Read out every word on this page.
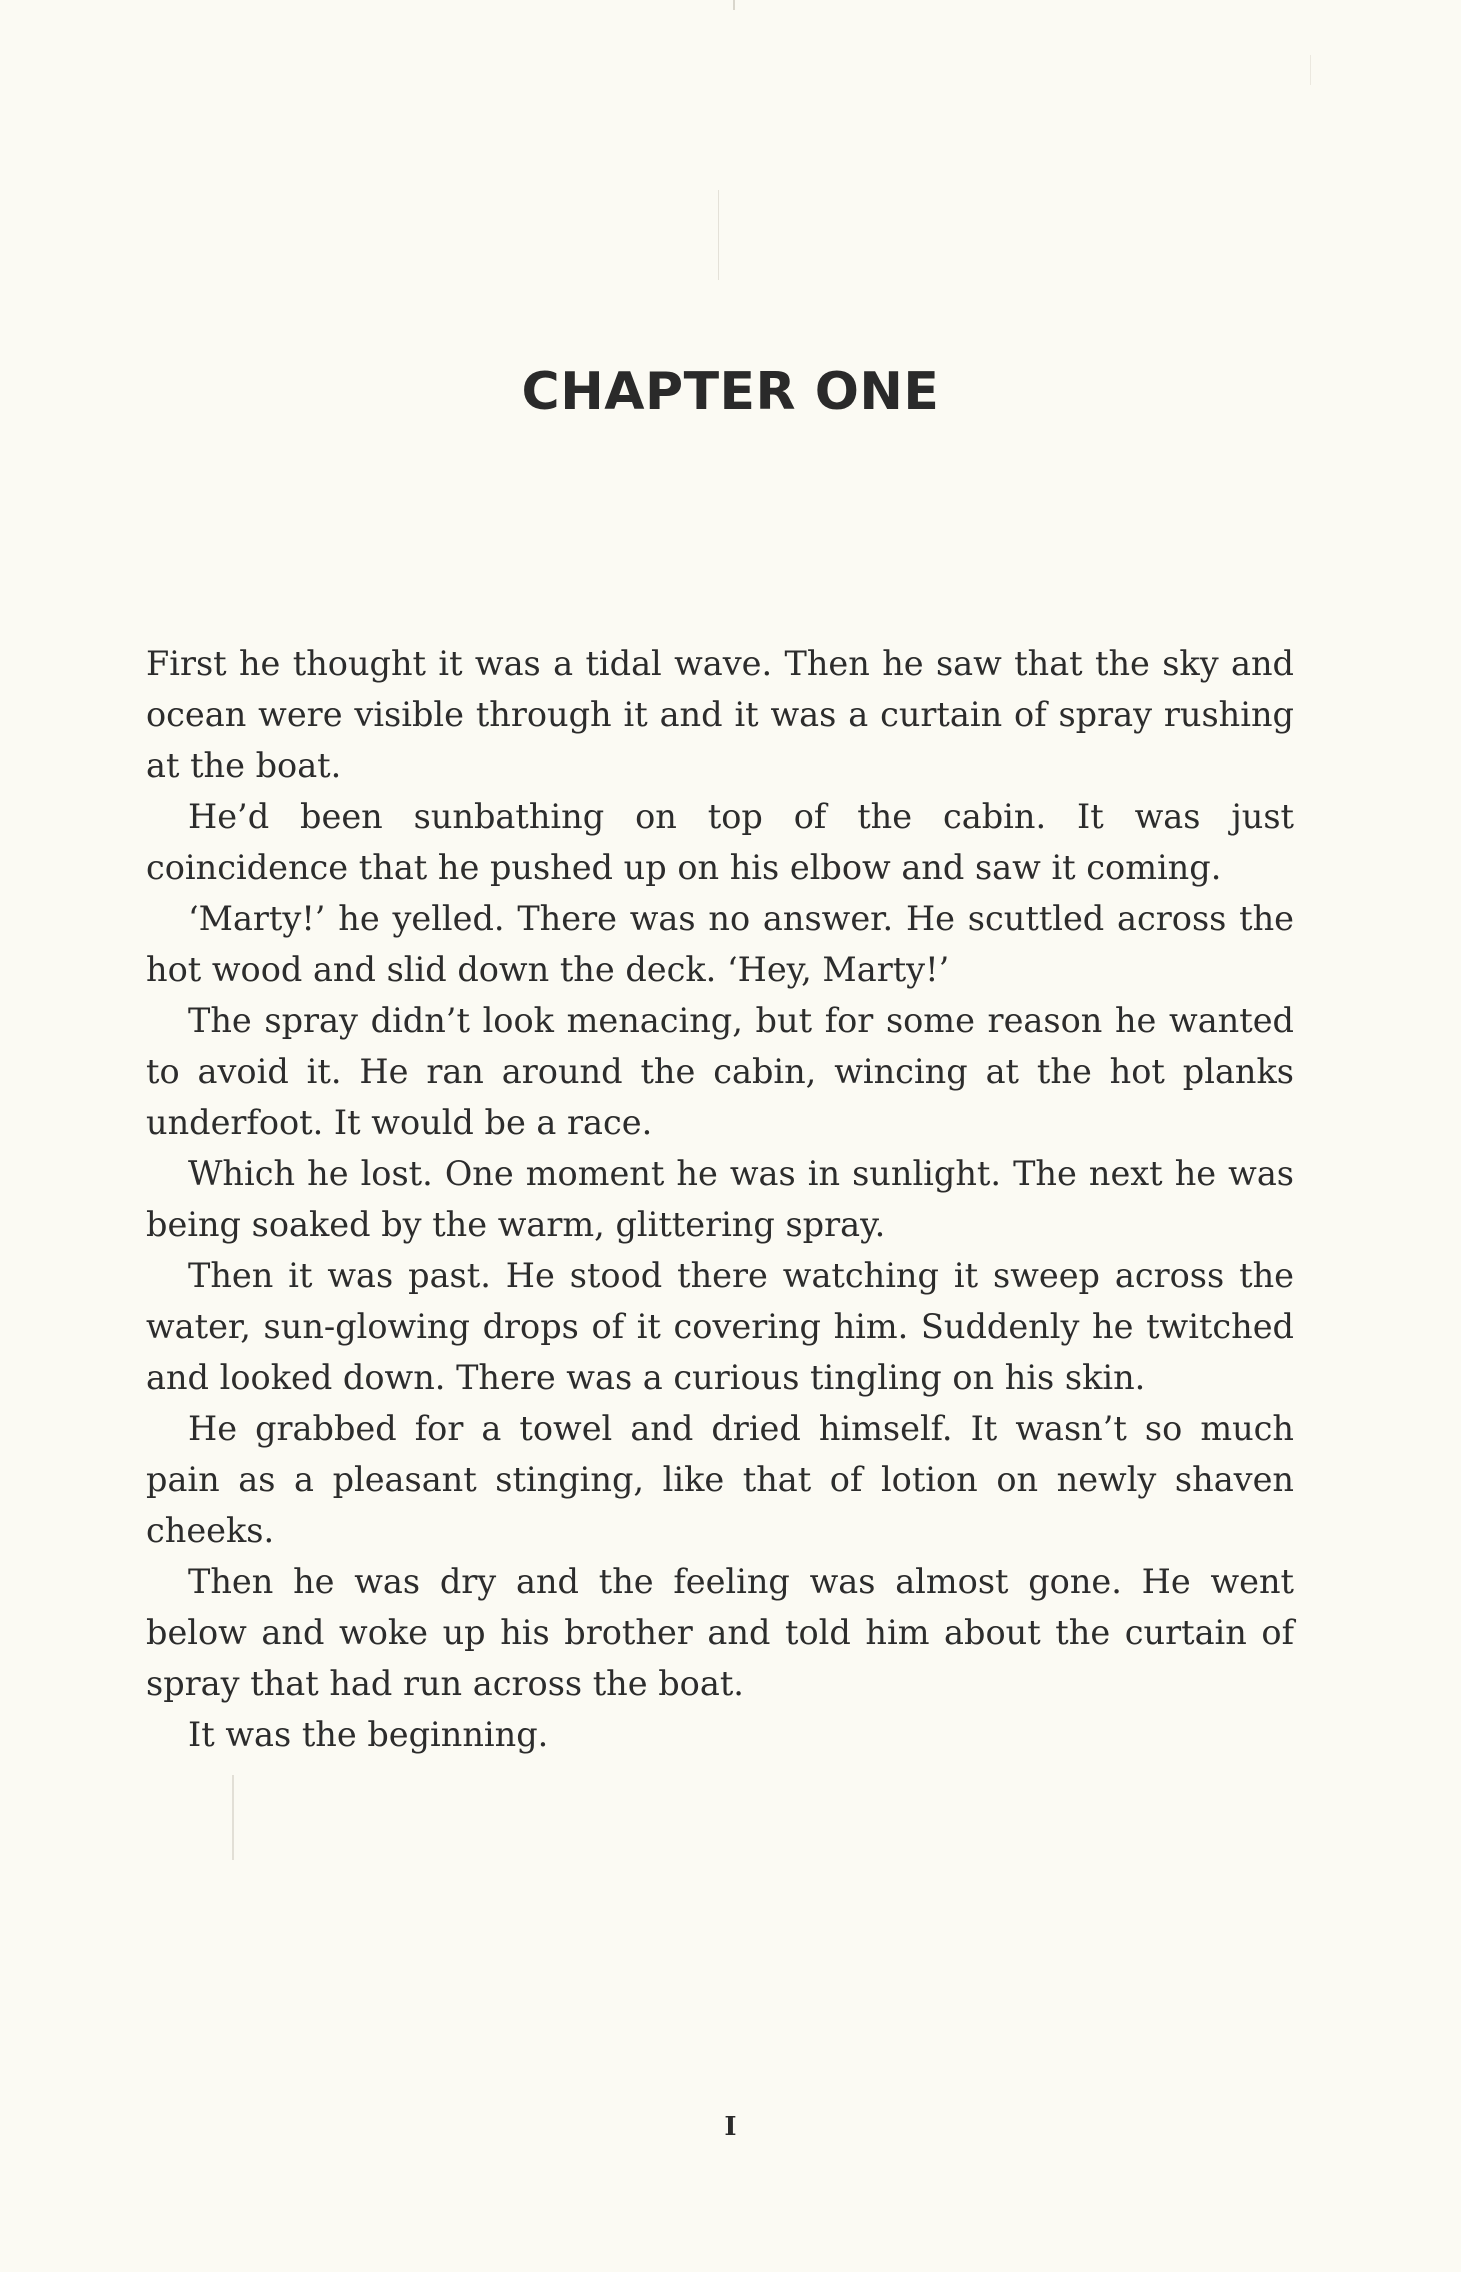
CHAPTER ONE

First he thought it was a tidal wave. Then he saw that the sky and ocean were visible through it and it was a curtain of spray rushing at the boat.

He’d been sunbathing on top of the cabin. It was just coincidence that he pushed up on his elbow and saw it coming.

‘Marty!’ he yelled. There was no answer. He scuttled across the hot wood and slid down the deck. ‘Hey, Marty!’

The spray didn’t look menacing, but for some reason he wanted to avoid it. He ran around the cabin, wincing at the hot planks underfoot. It would be a race.

Which he lost. One moment he was in sunlight. The next he was being soaked by the warm, glittering spray.

Then it was past. He stood there watching it sweep across the water, sun-glowing drops of it covering him. Suddenly he twitched and looked down. There was a curious tingling on his skin.

He grabbed for a towel and dried himself. It wasn’t so much pain as a pleasant stinging, like that of lotion on newly shaven cheeks.

Then he was dry and the feeling was almost gone. He went below and woke up his brother and told him about the curtain of spray that had run across the boat.

It was the beginning.

I
